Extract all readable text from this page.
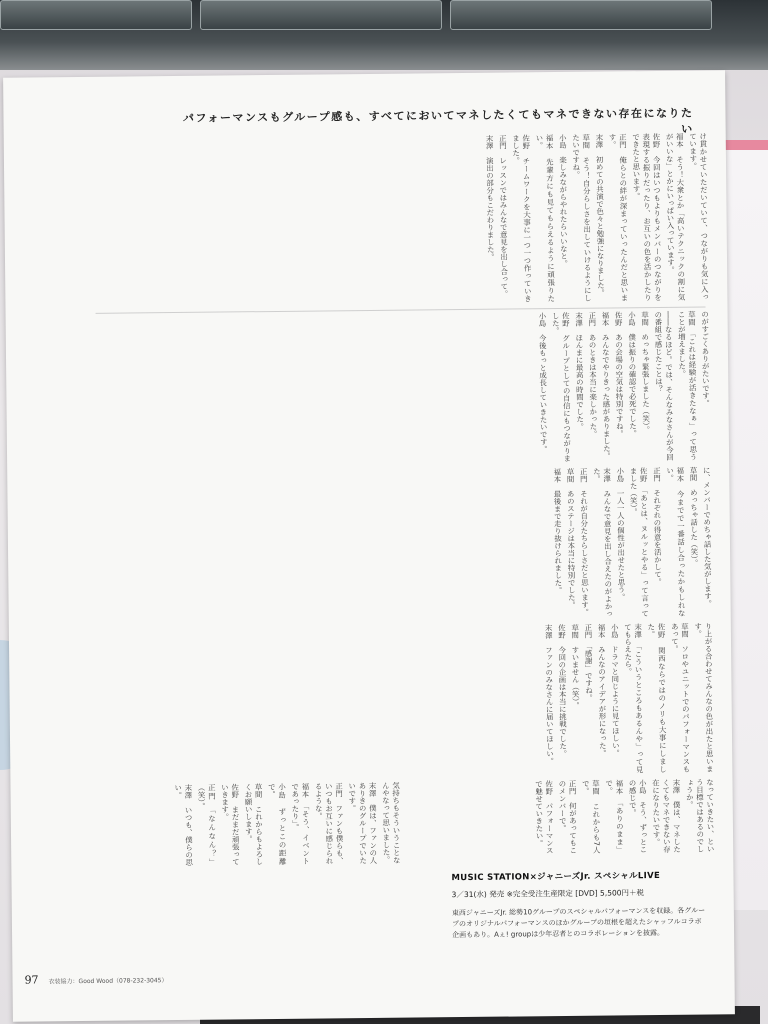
パフォーマンスもグループ感も、すべてにおいてマネしたくてもマネできない存在になりたい

け貫かせていただいていて、つながりも気に入っています。

福本　そう！大衆とか「高いテクニックの割に気がいいな」とかにいっぱい入っています。

佐野　今回はいつもよりもメンバーのつながりを表現する振りだったり、お互いの色を活かしたりできたと思います。

正門　俺らとの絆が深まっていったんだと思います。

末澤　初めての共演で色々と勉強になりました。

草間　そう！自分らしさを出していけるようにしたいですね。

小島　楽しみながらやれたらいいなと。

福本　先輩方にも見てもらえるように頑張りたい。

佐野　チームワークを大事に一つ一つ作っていきました。

正門　レッスンではみんなで意見を出し合って。

末澤　演出の部分もこだわりました。

のがすごくありがたいです。

草間　「これは経験が活きたなぁ」って思うことが増えました。

――なるほど。では、そんなみなさんが今回の番組で感じたことは？

草間　めっちゃ緊張しました（笑）。

小島　僕は振りの確認で必死でした。

佐野　あの会場の空気は特別ですね。

福本　みんなでやりきった感がありました。

正門　あのときは本当に楽しかった。

末澤　ほんまに最高の時間でした。

佐野　グループとしての自信にもつながりました。

小島　今後もっと成長していきたいです。

に、メンバーでめちゃ話した気がします。

草間　めっちゃ話した（笑）。

福本　今までで一番話し合ったかもしれない。

正門　それぞれの得意を活かして。

佐野　「あとは、ヌルッとやる」って言ってました（笑）。

小島　一人一人の個性が出せたと思う。

末澤　みんなで意見を出し合えたのがよかった。

正門　それが自分たちらしさだと思います。

草間　あのステージは本当に特別でした。

福本　最後まで走り抜けられました。

り上がる合わせてみんなの色が出たと思います。

草間　ソロやユニットでのパフォーマンスもあって。

佐野　関西ならではのノリも大事にしました。

末澤　「こういうところもあるんや」って見てもらえたら。

小島　ドラマと同じように見てほしい。

福本　みんなのアイデアが形になった。

正門　「感謝」ですね。

草間　すいません（笑）。

佐野　今回の企画は本当に挑戦でした。

末澤　ファンのみなさんに届いてほしい。

気持ちもそういうことなんやなって思いました。

末澤　僕は、ファンの人ありきのグループでいたいです。

正門　ファンも僕らも、いつもお互いに感じられるような。

福本　「そう、イベントであったり」。

小島　ずっとこの距離で。

草間　これからもよろしくお願いします。

佐野　まだまだ頑張っていきます。

正門　「なんなん？」（笑）。

末澤　いつも、僕らの思い。	なっていきたい、という目標ではあるのでしょうか。

末澤　僕は、マネしたくてもマネできない存在になりたいです。

小島　そう、ずっとこの感じで。

福本　「ありのまま」で。

草間　これからも7人で。

正門　何があってもこのメンバーで。

佐野　パフォーマンスで魅せていきたい。

MUSIC STATION×ジャニーズJr. スペシャルLIVE
3／31(水) 発売 ※完全受注生産限定 [DVD] 5,500円＋税
東西ジャニーズJr. 総勢10グループのスペシャルパフォーマンスを収録。各グループのオリジナルパフォーマンスのほかグループの垣根を超えたシャッフルコラボ企画もあり。Aぇ! groupは少年忍者とのコラボレーションを披露。
97 衣装協力：Good Wood（078-232-3045）
